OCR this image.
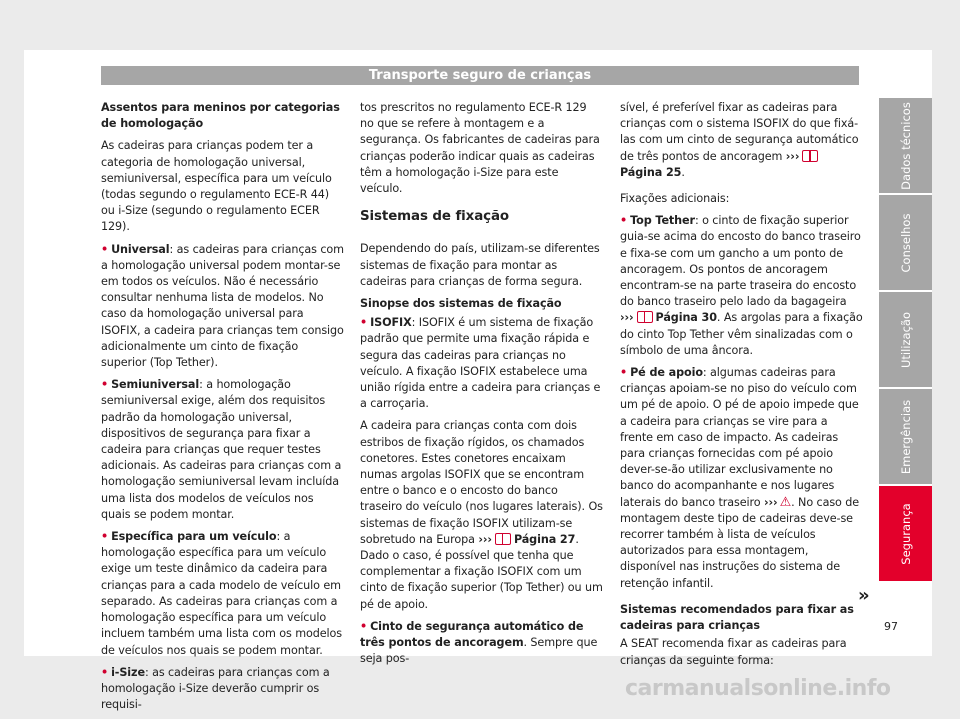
Transporte seguro de crianças

Assentos para meninos por categorias de homologação

As cadeiras para crianças podem ter a categoria de homologação universal, semiuniversal, específica para um veículo (todas segundo o regulamento ECE-R 44) ou i-Size (segundo o regulamento ECER 129).

• Universal: as cadeiras para crianças com a homologação universal podem montar-se em todos os veículos. Não é necessário consultar nenhuma lista de modelos. No caso da homologação universal para ISOFIX, a cadeira para crianças tem consigo adicionalmente um cinto de fixação superior (Top Tether).

• Semiuniversal: a homologação semiuniversal exige, além dos requisitos padrão da homologação universal, dispositivos de segurança para fixar a cadeira para crianças que requer testes adicionais. As cadeiras para crianças com a homologação semiuniversal levam incluída uma lista dos modelos de veículos nos quais se podem montar.

• Específica para um veículo: a homologação específica para um veículo exige um teste dinâmico da cadeira para crianças para a cada modelo de veículo em separado. As cadeiras para crianças com a homologação específica para um veículo incluem também uma lista com os modelos de veículos nos quais se podem montar.

• i-Size: as cadeiras para crianças com a homologação i-Size deverão cumprir os requisi-

tos prescritos no regulamento ECE-R 129 no que se refere à montagem e a segurança. Os fabricantes de cadeiras para crianças poderão indicar quais as cadeiras têm a homologação i-Size para este veículo.

Sistemas de fixação

Dependendo do país, utilizam-se diferentes sistemas de fixação para montar as cadeiras para crianças de forma segura.

Sinopse dos sistemas de fixação

• ISOFIX: ISOFIX é um sistema de fixação padrão que permite uma fixação rápida e segura das cadeiras para crianças no veículo. A fixação ISOFIX estabelece uma união rígida entre a cadeira para crianças e a carroçaria.

A cadeira para crianças conta com dois estribos de fixação rígidos, os chamados conetores. Estes conetores encaixam numas argolas ISOFIX que se encontram entre o banco e o encosto do banco traseiro do veículo (nos lugares laterais). Os sistemas de fixação ISOFIX utilizam-se sobretudo na Europa ››› Página 27. Dado o caso, é possível que tenha que complementar a fixação ISOFIX com um cinto de fixação superior (Top Tether) ou um pé de apoio.

• Cinto de segurança automático de três pontos de ancoragem. Sempre que seja pos-

sível, é preferível fixar as cadeiras para crianças com o sistema ISOFIX do que fixá-las com um cinto de segurança automático de três pontos de ancoragem ›››Página 25.

Fixações adicionais:

• Top Tether: o cinto de fixação superior guia-se acima do encosto do banco traseiro e fixa-se com um gancho a um ponto de ancoragem. Os pontos de ancoragem encontram-se na parte traseira do encosto do banco traseiro pelo lado da bagageira ››› Página 30. As argolas para a fixação do cinto Top Tether vêm sinalizadas com o símbolo de uma âncora.

• Pé de apoio: algumas cadeiras para crianças apoiam-se no piso do veículo com um pé de apoio. O pé de apoio impede que a cadeira para crianças se vire para a frente em caso de impacto. As cadeiras para crianças fornecidas com pé apoio dever-se-ão utilizar exclusivamente no banco do acompanhante e nos lugares laterais do banco traseiro ››› ⚠. No caso de montagem deste tipo de cadeiras deve-se recorrer também à lista de veículos autorizados para essa montagem, disponível nas instruções do sistema de retenção infantil.

Sistemas recomendados para fixar as cadeiras para crianças

A SEAT recomenda fixar as cadeiras para crianças da seguinte forma:

Dados técnicos
Conselhos
Utilização
Emergências
Segurança
»
97
carmanualsonline.info
